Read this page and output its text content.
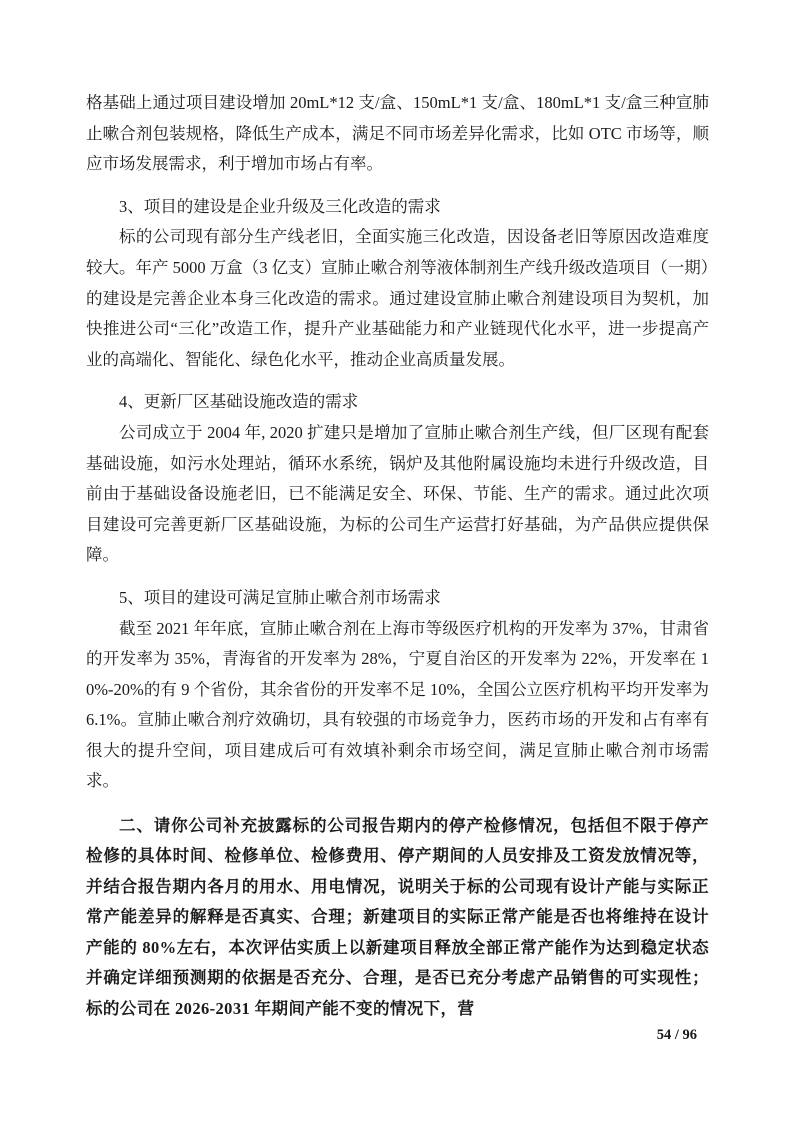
格基础上通过项目建设增加 20mL*12 支/盒、150mL*1 支/盒、180mL*1 支/盒三种宣肺止嗽合剂包装规格，降低生产成本，满足不同市场差异化需求，比如 OTC 市场等，顺应市场发展需求，利于增加市场占有率。

3、项目的建设是企业升级及三化改造的需求

标的公司现有部分生产线老旧，全面实施三化改造，因设备老旧等原因改造难度较大。年产 5000 万盒（3 亿支）宣肺止嗽合剂等液体制剂生产线升级改造项目（一期）的建设是完善企业本身三化改造的需求。通过建设宣肺止嗽合剂建设项目为契机，加快推进公司“三化”改造工作，提升产业基础能力和产业链现代化水平，进一步提高产业的高端化、智能化、绿色化水平，推动企业高质量发展。

4、更新厂区基础设施改造的需求

公司成立于 2004 年, 2020 扩建只是增加了宣肺止嗽合剂生产线，但厂区现有配套基础设施，如污水处理站，循环水系统，锅炉及其他附属设施均未进行升级改造，目前由于基础设备设施老旧，已不能满足安全、环保、节能、生产的需求。通过此次项目建设可完善更新厂区基础设施，为标的公司生产运营打好基础，为产品供应提供保障。

5、项目的建设可满足宣肺止嗽合剂市场需求

截至 2021 年年底，宣肺止嗽合剂在上海市等级医疗机构的开发率为 37%，甘肃省的开发率为 35%，青海省的开发率为 28%，宁夏自治区的开发率为 22%，开发率在 10%-20%的有 9 个省份，其余省份的开发率不足 10%，全国公立医疗机构平均开发率为 6.1%。宣肺止嗽合剂疗效确切，具有较强的市场竞争力，医药市场的开发和占有率有很大的提升空间，项目建成后可有效填补剩余市场空间，满足宣肺止嗽合剂市场需求。

二、请你公司补充披露标的公司报告期内的停产检修情况，包括但不限于停产检修的具体时间、检修单位、检修费用、停产期间的人员安排及工资发放情况等，并结合报告期内各月的用水、用电情况，说明关于标的公司现有设计产能与实际正常产能差异的解释是否真实、合理；新建项目的实际正常产能是否也将维持在设计产能的 80%左右，本次评估实质上以新建项目释放全部正常产能作为达到稳定状态并确定详细预测期的依据是否充分、合理，是否已充分考虑产品销售的可实现性；标的公司在 2026-2031 年期间产能不变的情况下，营

54 / 96
